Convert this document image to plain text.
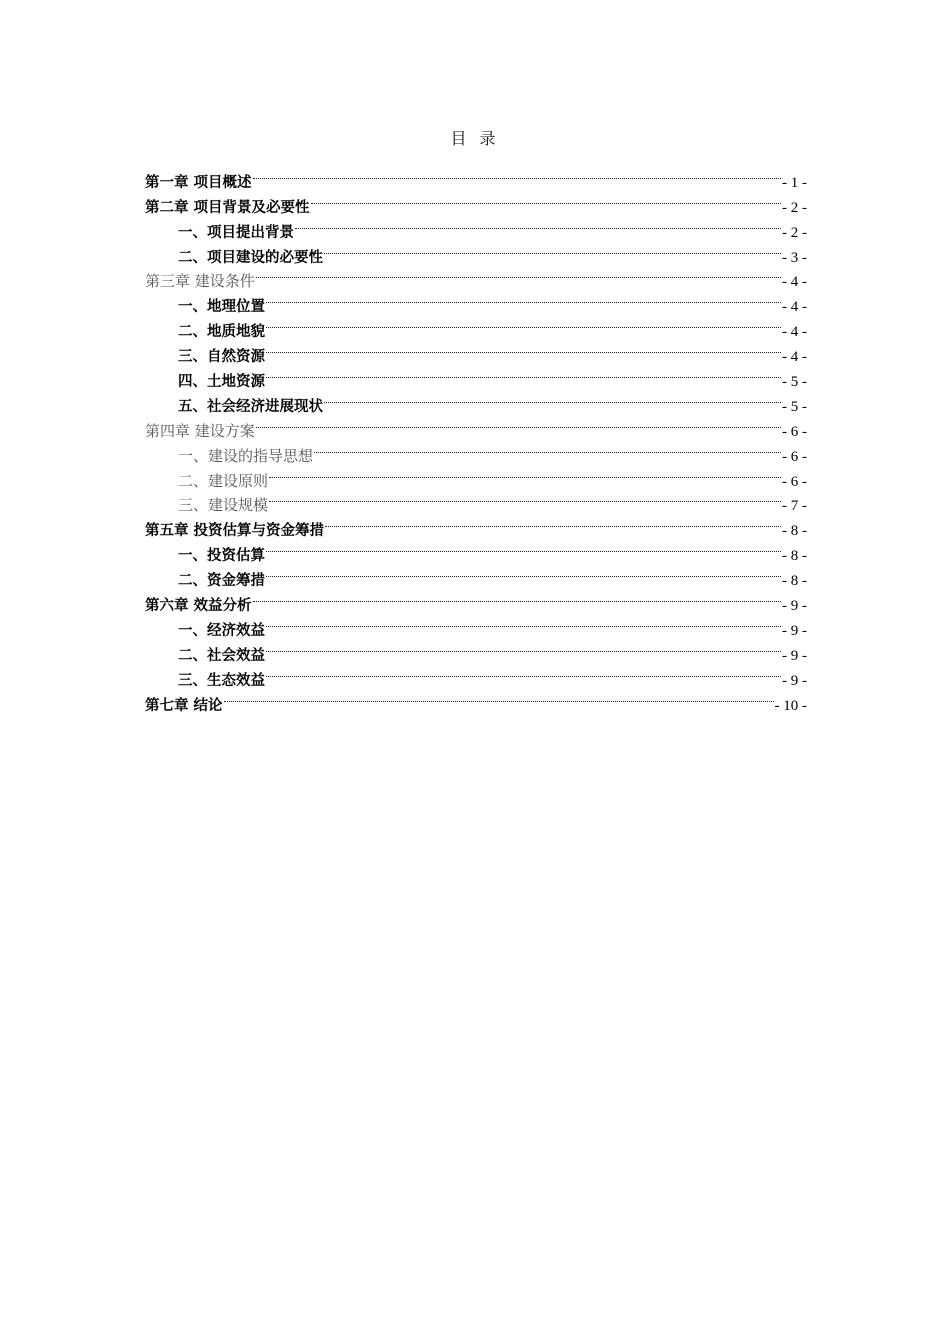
目 录
第一章 项目概述	- 1 -
第二章 项目背景及必要性	- 2 -
一、项目提出背景	- 2 -
二、项目建设的必要性	- 3 -
第三章 建设条件	- 4 -
一、地理位置	- 4 -
二、地质地貌	- 4 -
三、自然资源	- 4 -
四、土地资源	- 5 -
五、社会经济进展现状	- 5 -
第四章 建设方案	- 6 -
一、建设的指导思想	- 6 -
二、建设原则	- 6 -
三、建设规模	- 7 -
第五章 投资估算与资金筹措	- 8 -
一、投资估算	- 8 -
二、资金筹措	- 8 -
第六章 效益分析	- 9 -
一、经济效益	- 9 -
二、社会效益	- 9 -
三、生态效益	- 9 -
第七章 结论	- 10 -
